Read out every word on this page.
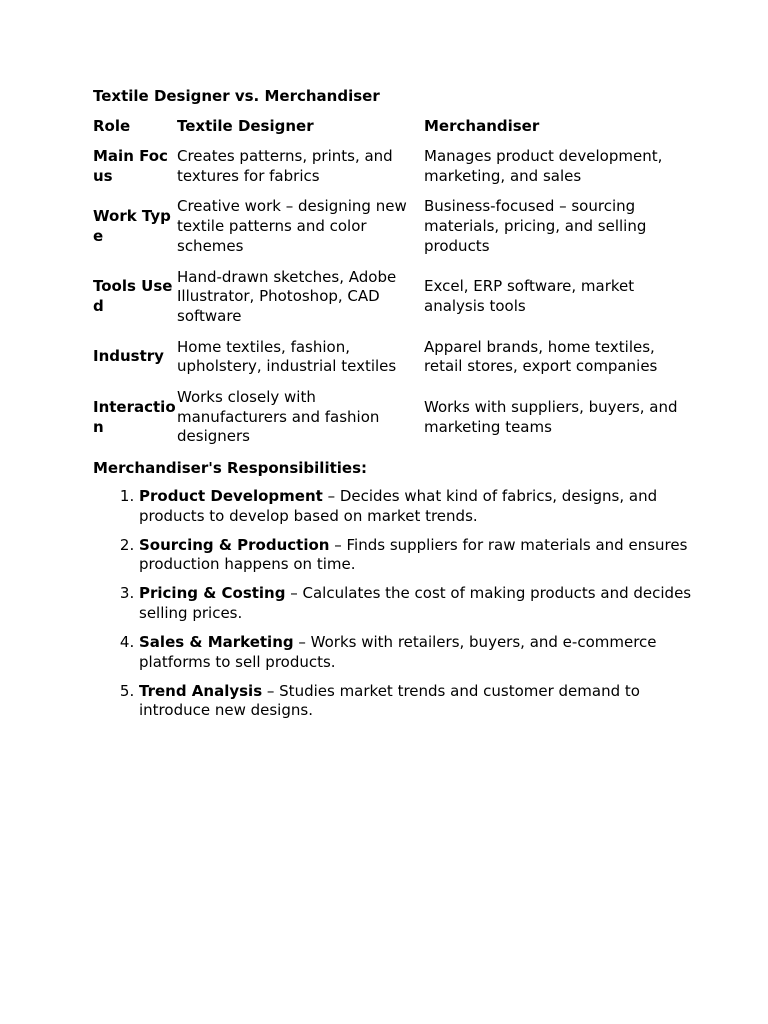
Textile Designer vs. Merchandiser
Role	Textile Designer	Merchandiser
Main Focus	Creates patterns, prints, and textures for fabrics	Manages product development, marketing, and sales
Work Type	Creative work – designing new textile patterns and color schemes	Business-focused – sourcing materials, pricing, and selling products
Tools Used	Hand-drawn sketches, Adobe Illustrator, Photoshop, CAD software	Excel, ERP software, market analysis tools
Industry	Home textiles, fashion, upholstery, industrial textiles	Apparel brands, home textiles, retail stores, export companies
Interaction	Works closely with manufacturers and fashion designers	Works with suppliers, buyers, and marketing teams
Merchandiser's Responsibilities:
1. Product Development – Decides what kind of fabrics, designs, and products to develop based on market trends.
2. Sourcing & Production – Finds suppliers for raw materials and ensures production happens on time.
3. Pricing & Costing – Calculates the cost of making products and decides selling prices.
4. Sales & Marketing – Works with retailers, buyers, and e-commerce platforms to sell products.
5. Trend Analysis – Studies market trends and customer demand to introduce new designs.
